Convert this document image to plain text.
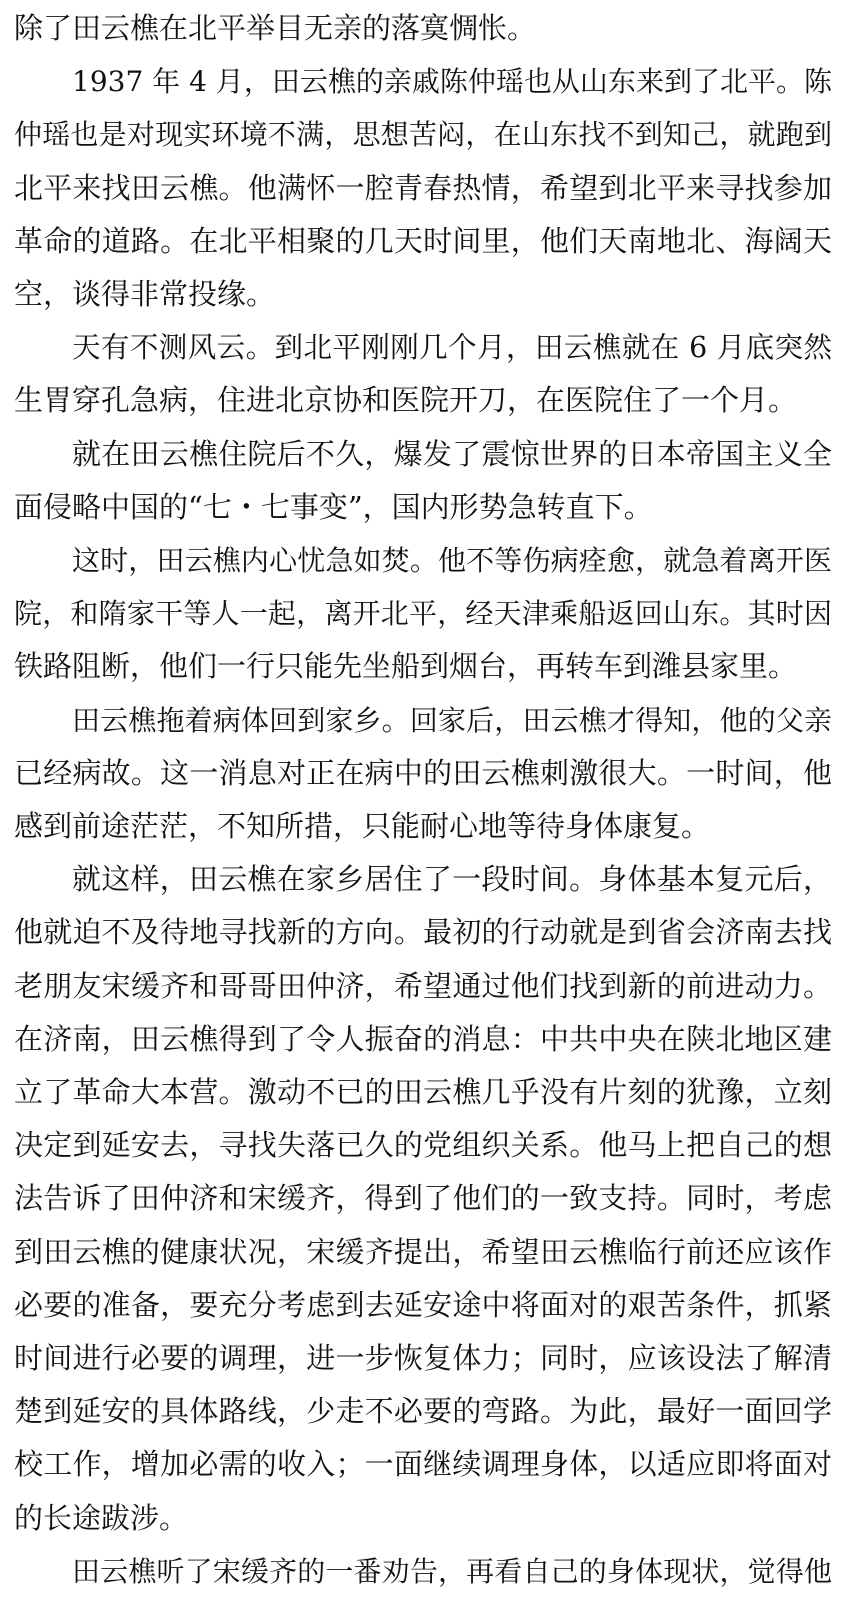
除了田云樵在北平举目无亲的落寞惆怅。
1937 年 4 月，田云樵的亲戚陈仲瑶也从山东来到了北平。陈
仲瑶也是对现实环境不满，思想苦闷，在山东找不到知己，就跑到
北平来找田云樵。他满怀一腔青春热情，希望到北平来寻找参加
革命的道路。在北平相聚的几天时间里，他们天南地北、海阔天
空，谈得非常投缘。
天有不测风云。到北平刚刚几个月，田云樵就在 6 月底突然
生胃穿孔急病，住进北京协和医院开刀，在医院住了一个月。
就在田云樵住院后不久，爆发了震惊世界的日本帝国主义全
面侵略中国的“七・七事变”，国内形势急转直下。
这时，田云樵内心忧急如焚。他不等伤病痊愈，就急着离开医
院，和隋家干等人一起，离开北平，经天津乘船返回山东。其时因
铁路阻断，他们一行只能先坐船到烟台，再转车到潍县家里。
田云樵拖着病体回到家乡。回家后，田云樵才得知，他的父亲
已经病故。这一消息对正在病中的田云樵刺激很大。一时间，他
感到前途茫茫，不知所措，只能耐心地等待身体康复。
就这样，田云樵在家乡居住了一段时间。身体基本复元后，
他就迫不及待地寻找新的方向。最初的行动就是到省会济南去找
老朋友宋缓齐和哥哥田仲济，希望通过他们找到新的前进动力。
在济南，田云樵得到了令人振奋的消息：中共中央在陕北地区建
立了革命大本营。激动不已的田云樵几乎没有片刻的犹豫，立刻
决定到延安去，寻找失落已久的党组织关系。他马上把自己的想
法告诉了田仲济和宋缓齐，得到了他们的一致支持。同时，考虑
到田云樵的健康状况，宋缓齐提出，希望田云樵临行前还应该作
必要的准备，要充分考虑到去延安途中将面对的艰苦条件，抓紧
时间进行必要的调理，进一步恢复体力；同时，应该设法了解清
楚到延安的具体路线，少走不必要的弯路。为此，最好一面回学
校工作，增加必需的收入；一面继续调理身体，以适应即将面对
的长途跋涉。
田云樵听了宋缓齐的一番劝告，再看自己的身体现状，觉得他
